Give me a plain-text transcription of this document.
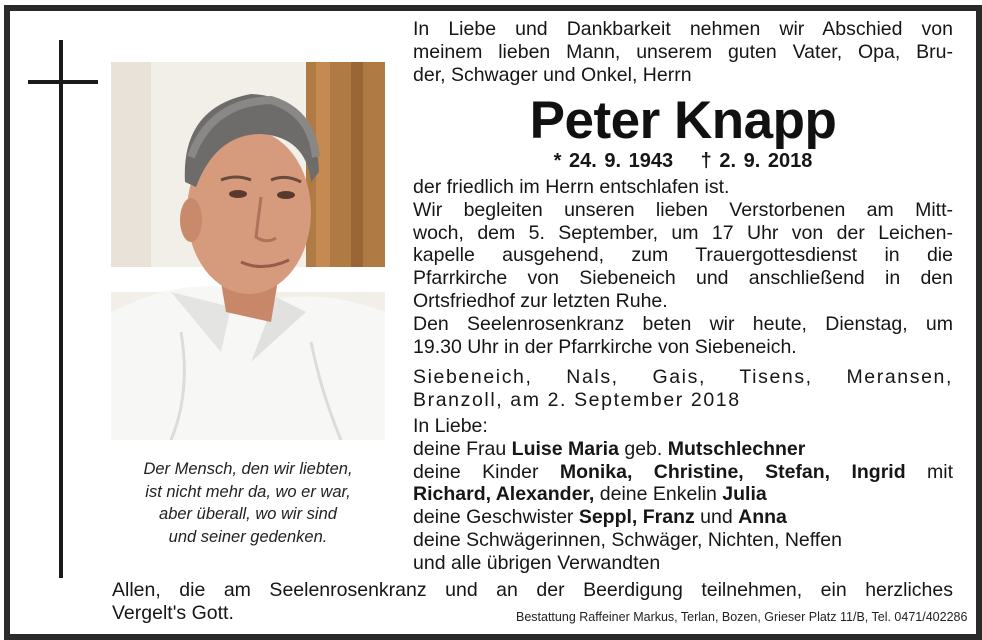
Der Mensch, den wir liebten,
ist nicht mehr da, wo er war,
aber überall, wo wir sind
und seiner gedenken.
In Liebe und Dankbarkeit nehmen wir Abschied von
meinem lieben Mann, unserem guten Vater, Opa, Bru-
der, Schwager und Onkel, Herrn
Peter Knapp
* 24. 9. 1943 † 2. 9. 2018
der friedlich im Herrn entschlafen ist.
Wir begleiten unseren lieben Verstorbenen am Mitt-
woch, dem 5. September, um 17 Uhr von der Leichen-
kapelle ausgehend, zum Trauergottesdienst in die
Pfarrkirche von Siebeneich und anschließend in den
Ortsfriedhof zur letzten Ruhe.
Den Seelenrosenkranz beten wir heute, Dienstag, um
19.30 Uhr in der Pfarrkirche von Siebeneich.
Siebeneich, Nals, Gais, Tisens, Meransen,
Branzoll, am 2. September 2018
In Liebe:
deine Frau Luise Maria geb. Mutschlechner
deine Kinder Monika, Christine, Stefan, Ingrid mit
Richard, Alexander, deine Enkelin Julia
deine Geschwister Seppl, Franz und Anna
deine Schwägerinnen, Schwäger, Nichten, Neffen
und alle übrigen Verwandten
Allen, die am Seelenrosenkranz und an der Beerdigung teilnehmen, ein herzliches
Vergelt's Gott.	Bestattung Raffeiner Markus, Terlan, Bozen, Grieser Platz 11/B, Tel. 0471/402286
